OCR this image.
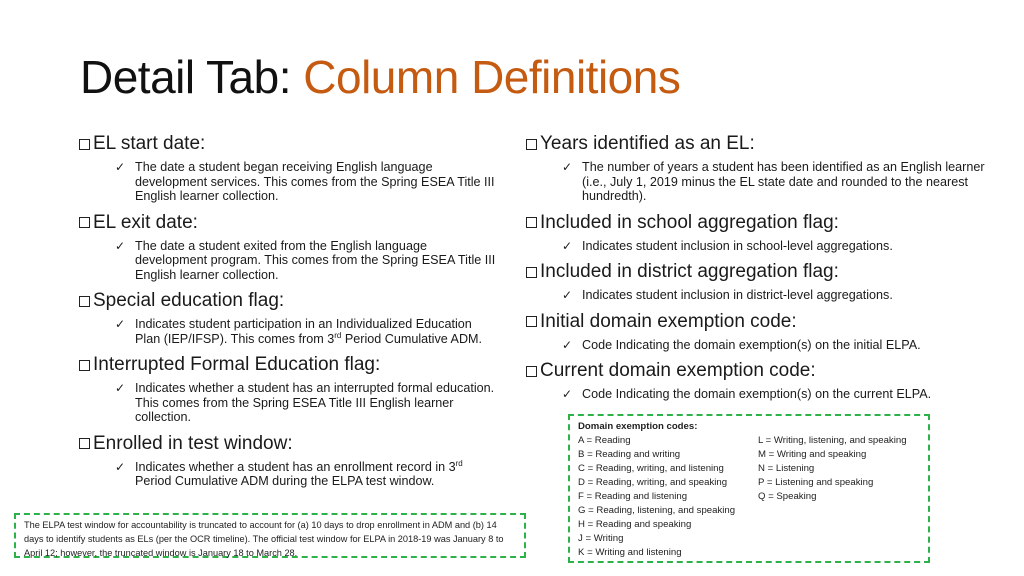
Detail Tab: Column Definitions
EL start date:
✓ The date a student began receiving English language development services. This comes from the Spring ESEA Title III English learner collection.
EL exit date:
✓ The date a student exited from the English language development program. This comes from the Spring ESEA Title III English learner collection.
Special education flag:
✓ Indicates student participation in an Individualized Education Plan (IEP/IFSP). This comes from 3rd Period Cumulative ADM.
Interrupted Formal Education flag:
✓ Indicates whether a student has an interrupted formal education. This comes from the Spring ESEA Title III English learner collection.
Enrolled in test window:
✓ Indicates whether a student has an enrollment record in 3rd Period Cumulative ADM during the ELPA test window.
Years identified as an EL:
✓ The number of years a student has been identified as an English learner (i.e., July 1, 2019 minus the EL state date and rounded to the nearest hundredth).
Included in school aggregation flag:
✓ Indicates student inclusion in school-level aggregations.
Included in district aggregation flag:
✓ Indicates student inclusion in district-level aggregations.
Initial domain exemption code:
✓ Code Indicating the domain exemption(s) on the initial ELPA.
Current domain exemption code:
✓ Code Indicating the domain exemption(s) on the current ELPA.
The ELPA test window for accountability is truncated to account for (a) 10 days to drop enrollment in ADM and (b) 14 days to identify students as ELs (per the OCR timeline). The official test window for ELPA in 2018-19 was January 8 to April 12; however, the truncated window is January 18 to March 28.
Domain exemption codes:
A = Reading
B = Reading and writing
C = Reading, writing, and listening
D = Reading, writing, and speaking
F = Reading and listening
G = Reading, listening, and speaking
H = Reading and speaking
J = Writing
K = Writing and listening
L = Writing, listening, and speaking
M = Writing and speaking
N = Listening
P = Listening and speaking
Q = Speaking
